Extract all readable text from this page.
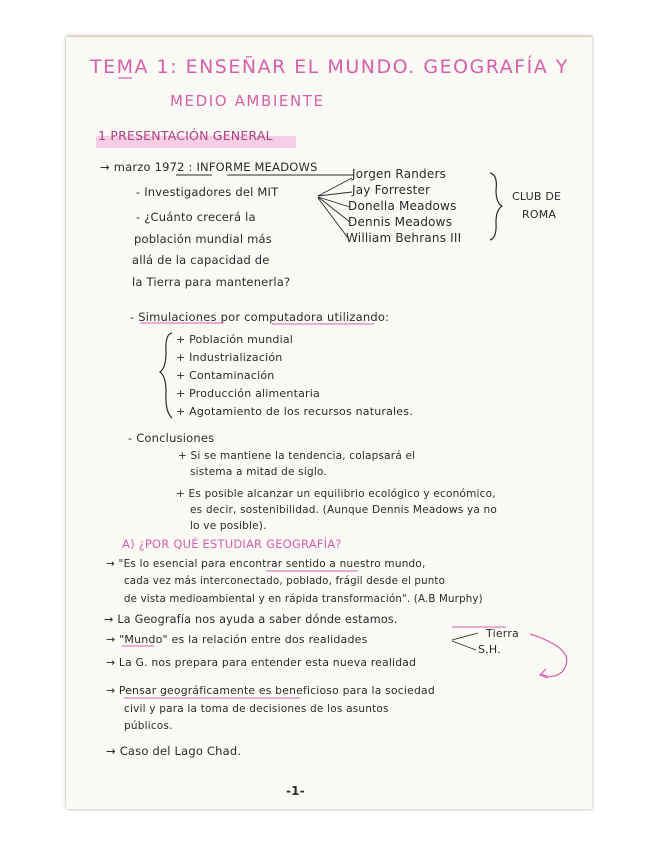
TEMA 1: ENSEÑAR EL MUNDO. GEOGRAFÍA Y
MEDIO AMBIENTE
1 PRESENTACIÓN GENERAL
→ marzo 1972 : INFORME MEADOWS
- Investigadores del MIT
- ¿Cuánto crecerá la
población mundial más
allá de la capacidad de
la Tierra para mantenerla?
Jorgen Randers
Jay Forrester
Donella Meadows
Dennis Meadows
William Behrans III
CLUB DE
ROMA
- Simulaciones por computadora utilizando:
+ Población mundial
+ Industrialización
+ Contaminación
+ Producción alimentaria
+ Agotamiento de los recursos naturales.
- Conclusiones
+ Si se mantiene la tendencia, colapsará el
sistema a mitad de siglo.
+ Es posible alcanzar un equilibrio ecológico y económico,
es decir, sostenibilidad. (Aunque Dennis Meadows ya no
lo ve posible).
A) ¿POR QUÉ ESTUDIAR GEOGRAFÍA?
→ "Es lo esencial para encontrar sentido a nuestro mundo,
cada vez más interconectado, poblado, frágil desde el punto
de vista medioambiental y en rápida transformación". (A.B Murphy)
→ La Geografía nos ayuda a saber dónde estamos.
→ "Mundo" es la relación entre dos realidades	Tierra
S.H.
→ La G. nos prepara para entender esta nueva realidad
→ Pensar geográficamente es beneficioso para la sociedad
civil y para la toma de decisiones de los asuntos
públicos.
→ Caso del Lago Chad.
-1-
